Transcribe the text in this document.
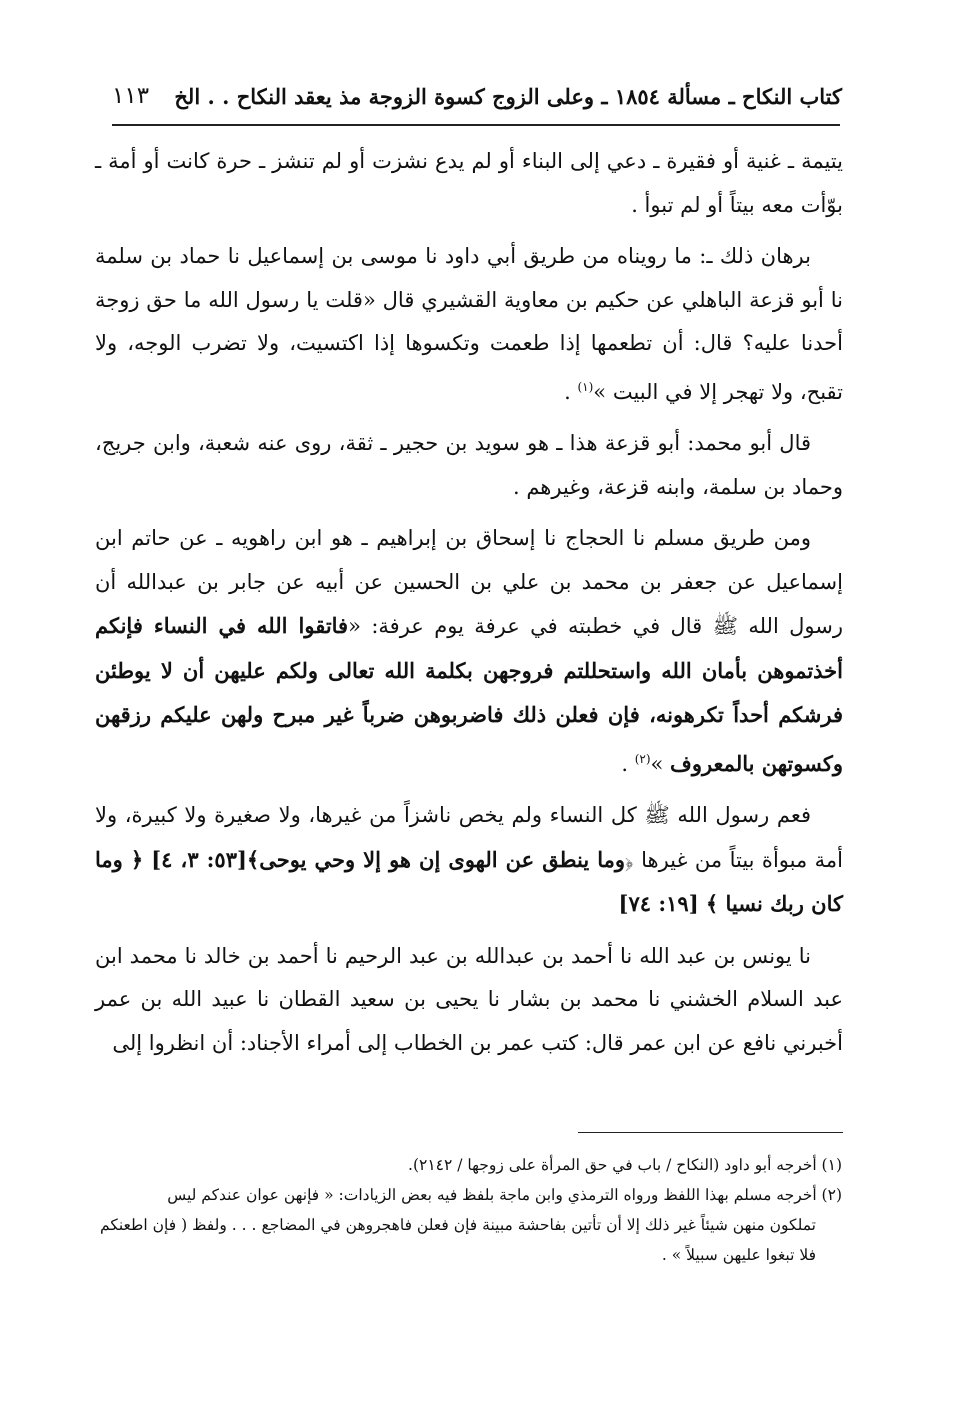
كتاب النكاح ـ مسألة ١٨٥٤ ـ وعلى الزوج كسوة الزوجة مذ يعقد النكاح . . الخ
١١٣

يتيمة ـ غنية أو فقيرة ـ دعي إلى البناء أو لم يدع نشزت أو لم تنشز ـ حرة كانت أو أمة ـ بوّأت معه بيتاً أو لم تبوأ .

برهان ذلك ـ: ما رويناه من طريق أبي داود نا موسى بن إسماعيل نا حماد بن سلمة نا أبو قزعة الباهلي عن حكيم بن معاوية القشيري قال «قلت يا رسول الله ما حق زوجة أحدنا عليه؟ قال: أن تطعمها إذا طعمت وتكسوها إذا اكتسيت، ولا تضرب الوجه، ولا تقبح، ولا تهجر إلا في البيت »$^{(١)}$ .

قال أبو محمد: أبو قزعة هذا ـ هو سويد بن حجير ـ ثقة، روى عنه شعبة، وابن جريج، وحماد بن سلمة، وابنه قزعة، وغيرهم .

ومن طريق مسلم نا الحجاج نا إسحاق بن إبراهيم ـ هو ابن راهويه ـ عن حاتم ابن إسماعيل عن جعفر بن محمد بن علي بن الحسين عن أبيه عن جابر بن عبدالله أن رسول الله ﷺ قال في خطبته في عرفة يوم عرفة: «فاتقوا الله في النساء فإنكم أخذتموهن بأمان الله واستحللتم فروجهن بكلمة الله تعالى ولكم عليهن أن لا يوطئن فرشكم أحداً تكرهونه، فإن فعلن ذلك فاضربوهن ضرباً غير مبرح ولهن عليكم رزقهن وكسوتهن بالمعروف »$^{(٢)}$ .

فعم رسول الله ﷺ كل النساء ولم يخص ناشزاً من غيرها، ولا صغيرة ولا كبيرة، ولا أمة مبوأة بيتاً من غيرها ﴿وما ينطق عن الهوى إن هو إلا وحي يوحى﴾[٥٣: ٣، ٤] ﴿ وما كان ربك نسيا ﴾ [١٩: ٧٤]

نا يونس بن عبد الله نا أحمد بن عبدالله بن عبد الرحيم نا أحمد بن خالد نا محمد ابن عبد السلام الخشني نا محمد بن بشار نا يحيى بن سعيد القطان نا عبيد الله بن عمر أخبرني نافع عن ابن عمر قال: كتب عمر بن الخطاب إلى أمراء الأجناد: أن انظروا إلى

(١) أخرجه أبو داود (النكاح / باب في حق المرأة على زوجها / ٢١٤٢).

(٢) أخرجه مسلم بهذا اللفظ ورواه الترمذي وابن ماجة بلفظ فيه بعض الزيادات: « فإنهن عوان عندكم ليس

تملكون منهن شيئاً غير ذلك إلا أن تأتين بفاحشة مبينة فإن فعلن فاهجروهن في المضاجع . . . ولفظ ( فإن اطعنكم فلا تبغوا عليهن سبيلاً » .
